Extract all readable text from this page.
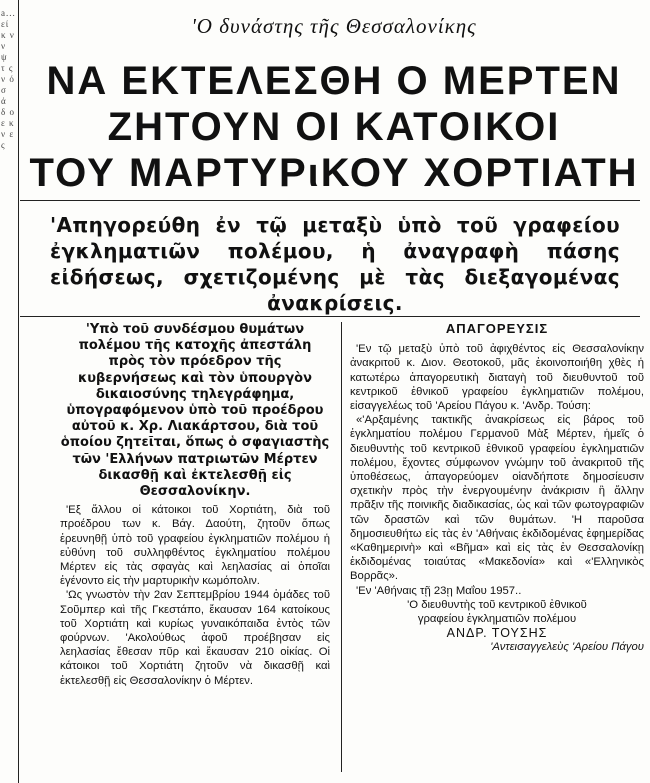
a... εί κ ν ν ψ τ ς ν ό σ ά δ ο ε κ ν ε ς
'Ο δυνάστης τῆς Θεσσαλονίκης
ΝΑ ΕΚΤΕΛΕΣΘΗ Ο ΜΕΡΤΕΝ
ΖΗΤΟΥΝ ΟΙ ΚΑΤΟΙΚΟΙ
ΤΟΥ ΜΑΡΤΥΡιΚΟΥ ΧΟΡΤΙΑΤΗ
'Απηγορεύθη ἐν τῷ μεταξὺ ὑπὸ τοῦ γραφείου ἐγκληματιῶν πολέμου, ἡ ἀναγραφὴ πάσης εἰδήσεως, σχετιζομένης μὲ τὰς διεξαγομένας ἀνακρίσεις.
'Υπὸ τοῦ συνδέσμου θυμάτων πολέμου τῆς κατοχῆς ἀπεστάλη πρὸς τὸν πρόεδρον τῆς κυβερνήσεως καὶ τὸν ὑπουργὸν δικαιοσύνης τηλεγράφημα, ὑπογραφόμενον ὑπὸ τοῦ προέδρου αὐτοῦ κ. Χρ. Λιακάρτσου, διὰ τοῦ ὁποίου ζητεῖται, ὅπως ὁ σφαγιαστὴς τῶν 'Ελλήνων πατριωτῶν Μέρτεν δικασθῇ καὶ ἐκτελεσθῇ εἰς Θεσσαλονίκην.

'Εξ ἄλλου οἱ κάτοικοι τοῦ Χορτιάτη, διὰ τοῦ προέδρου των κ. Βάγ. Δαούτη, ζητοῦν ὅπως ἐρευνηθῇ ὑπὸ τοῦ γραφείου ἐγκληματιῶν πολέμου ἡ εὐθύνη τοῦ συλληφθέντος ἐγκληματίου πολέμου Μέρτεν εἰς τὰς σφαγὰς καὶ λεηλασίας αἱ ὁποῖαι ἐγένοντο εἰς τὴν μαρτυρικὴν κωμόπολιν.

'Ως γνωστὸν τὴν 2αν Σεπτεμβρίου 1944 ὁμάδες τοῦ Σοῦμπερ καὶ τῆς Γκεστάπο, ἔκαυσαν 164 κατοίκους τοῦ Χορτιάτη καὶ κυρίως γυναικόπαιδα ἐντὸς τῶν φούρνων. 'Ακολούθως ἀφοῦ προέβησαν εἰς λεηλασίας ἔθεσαν πῦρ καὶ ἔκαυσαν 210 οἰκίας. Οἱ κάτοικοι τοῦ Χορτιάτη ζητοῦν νὰ δικασθῇ καὶ ἐκτελεσθῇ εἰς Θεσσαλονίκην ὁ Μέρτεν.

ΑΠΑΓΟΡΕΥΣΙΣ

'Εν τῷ μεταξὺ ὑπὸ τοῦ ἀφιχθέντος εἰς Θεσσαλονίκην ἀνακριτοῦ κ. Διον. Θεοτοκοῦ, μᾶς ἐκοινοποιήθη χθὲς ἡ κατωτέρω ἀπαγορευτικὴ διαταγὴ τοῦ διευθυντοῦ τοῦ κεντρικοῦ ἐθνικοῦ γραφείου ἐγκληματιῶν πολέμου, εἰσαγγελέως τοῦ 'Αρείου Πάγου κ. 'Ανδρ. Τούση:

«'Αρξαμένης τακτικῆς ἀνακρίσεως εἰς βάρος τοῦ ἐγκληματίου πολέμου Γερμανοῦ Μὰξ Μέρτεν, ἡμεῖς ὁ διευθυντὴς τοῦ κεντρικοῦ ἐθνικοῦ γραφείου ἐγκληματιῶν πολέμου, ἔχοντες σύμφωνον γνώμην τοῦ ἀνακριτοῦ τῆς ὑποθέσεως, ἀπαγορεύομεν οἱανδήποτε δημοσίευσιν σχετικὴν πρὸς τὴν ἐνεργουμένην ἀνάκρισιν ἢ ἄλλην πρᾶξιν τῆς ποινικῆς διαδικασίας, ὡς καὶ τῶν φωτογραφιῶν τῶν δραστῶν καὶ τῶν θυμάτων. 'Η παροῦσα δημοσιευθήτω εἰς τὰς ἐν 'Αθήναις ἐκδιδομένας ἐφημερίδας «Καθημερινὴ» καὶ «Βῆμα» καὶ εἰς τὰς ἐν Θεσσαλονίκῃ ἐκδιδομένας τοιαύτας «Μακεδονία» καὶ «'Ελληνικὸς Βορρᾶς».

'Εν 'Αθήναις τῇ 23ῃ Μαΐου 1957..

'Ο διευθυντὴς τοῦ κεντρικοῦ ἐθνικοῦ
γραφείου ἐγκληματιῶν πολέμου
ΑΝΔΡ. ΤΟΥΣΗΣ
'Αντεισαγγελεὺς 'Αρείου Πάγου
